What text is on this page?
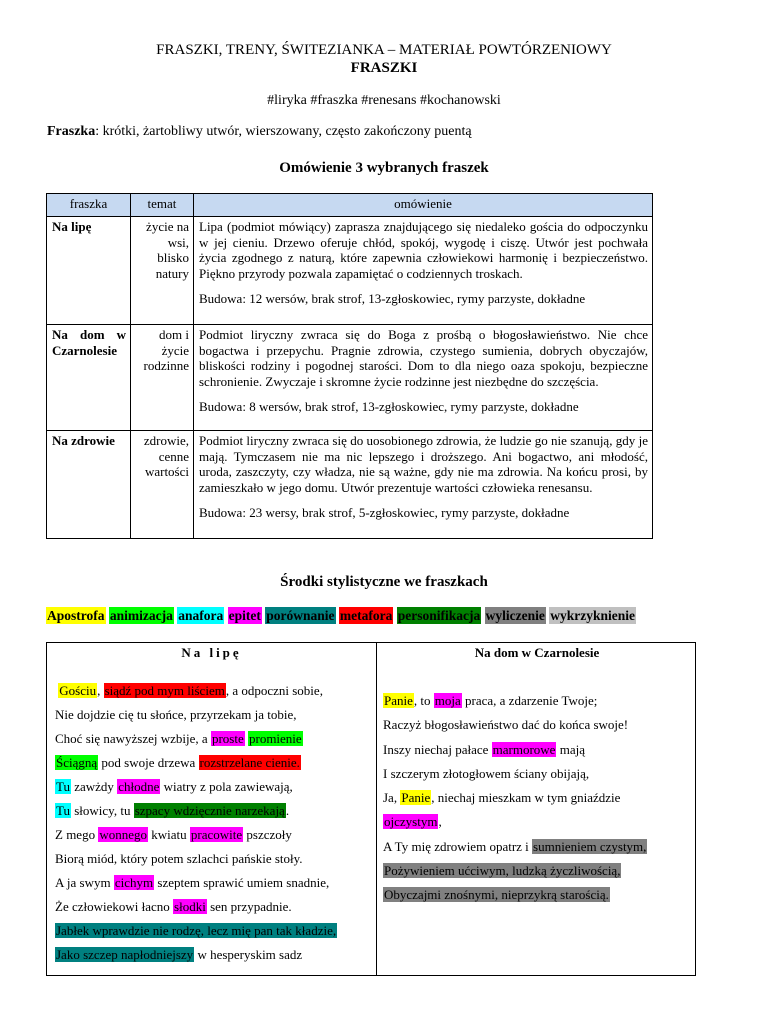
FRASZKI, TRENY, ŚWITEZIANKA – MATERIAŁ POWTÓRZENIOWY
FRASZKI
#liryka #fraszka #renesans #kochanowski
Fraszka: krótki, żartobliwy utwór, wierszowany, często zakończony puentą
Omówienie 3 wybranych fraszek
fraszka	temat	omówienie
Na lipę	życie na wsi, blisko natury	Lipa (podmiot mówiący) zaprasza znajdującego się niedaleko gościa do odpoczynku w jej cieniu. Drzewo oferuje chłód, spokój, wygodę i ciszę. Utwór jest pochwała życia zgodnego z naturą, które zapewnia człowiekowi harmonię i bezpieczeństwo. Piękno przyrody pozwala zapamiętać o codziennych troskach.
Budowa: 12 wersów, brak strof, 13-zgłoskowiec, rymy parzyste, dokładne

Na dom w Czarnolesie	dom i życie rodzinne	Podmiot liryczny zwraca się do Boga z prośbą o błogosławieństwo. Nie chce bogactwa i przepychu. Pragnie zdrowia, czystego sumienia, dobrych obyczajów, bliskości rodziny i pogodnej starości. Dom to dla niego oaza spokoju, bezpieczne schronienie. Zwyczaje i skromne życie rodzinne jest niezbędne do szczęścia.
Budowa: 8 wersów, brak strof, 13-zgłoskowiec, rymy parzyste, dokładne

Na zdrowie	zdrowie, cenne wartości	Podmiot liryczny zwraca się do uosobionego zdrowia, że ludzie go nie szanują, gdy je mają. Tymczasem nie ma nic lepszego i droższego. Ani bogactwo, ani młodość, uroda, zaszczyty, czy władza, nie są ważne, gdy nie ma zdrowia. Na końcu prosi, by zamieszkało w jego domu. Utwór prezentuje wartości człowieka renesansu.
Budowa: 23 wersy, brak strof, 5-zgłoskowiec, rymy parzyste, dokładne
Środki stylistyczne we fraszkach
Apostrofa animizacja anafora epitet porównanie metafora personifikacja wyliczenie wykrzyknienie
Na lipę	Na dom w Czarnolesie
Gościu, siądź pod mym liściem, a odpoczni sobie,
Nie dojdzie cię tu słońce, przyrzekam ja tobie,
Choć się nawyższej wzbije, a proste promienie
Ściągną pod swoje drzewa rozstrzelane cienie.
Tu zawżdy chłodne wiatry z pola zawiewają,
Tu słowicy, tu szpacy wdzięcznie narzekają.
Z mego wonnego kwiatu pracowite pszczoły
Biorą miód, który potem szlachci pańskie stoły.
A ja swym cichym szeptem sprawić umiem snadnie,
Że człowiekowi łacno słodki sen przypadnie.
Jabłek wprawdzie nie rodzę, lecz mię pan tak kładzie,
Jako szczep napłodniejszy w hesperyskim sadz
Panie, to moja praca, a zdarzenie Twoje;
Raczyż błogosławieństwo dać do końca swoje!
Inszy niechaj pałace marmorowe mają
I szczerym złotogłowem ściany obijają,
Ja, Panie, niechaj mieszkam w tym gniaździe
ojczystym,
A Ty mię zdrowiem opatrz i sumnieniem czystym,
Pożywieniem ućciwym, ludzką życzliwością,
Obyczajmi znośnymi, nieprzykrą starością.
